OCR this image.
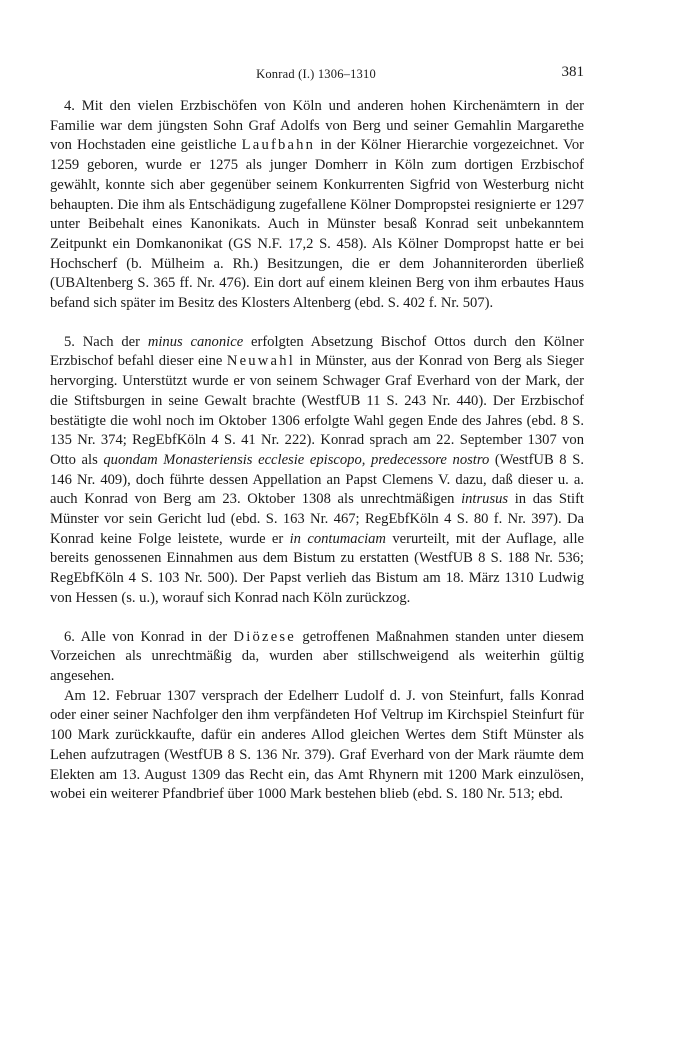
Konrad (I.) 1306–1310	381

4. Mit den vielen Erzbischöfen von Köln und anderen hohen Kirchenämtern in der Familie war dem jüngsten Sohn Graf Adolfs von Berg und seiner Gemahlin Margarethe von Hochstaden eine geistliche Laufbahn in der Kölner Hierarchie vorgezeichnet. Vor 1259 geboren, wurde er 1275 als junger Domherr in Köln zum dortigen Erzbischof gewählt, konnte sich aber gegenüber seinem Konkurrenten Sigfrid von Westerburg nicht behaupten. Die ihm als Entschädigung zugefallene Kölner Dompropstei resignierte er 1297 unter Beibehalt eines Kanonikats. Auch in Münster besaß Konrad seit unbekanntem Zeitpunkt ein Domkanonikat (GS N.F. 17,2 S. 458). Als Kölner Dompropst hatte er bei Hochscherf (b. Mülheim a. Rh.) Besitzungen, die er dem Johanniterorden überließ (UBAltenberg S. 365 ff. Nr. 476). Ein dort auf einem kleinen Berg von ihm erbautes Haus befand sich später im Besitz des Klosters Altenberg (ebd. S. 402 f. Nr. 507).

5. Nach der minus canonice erfolgten Absetzung Bischof Ottos durch den Kölner Erzbischof befahl dieser eine Neuwahl in Münster, aus der Konrad von Berg als Sieger hervorging. Unterstützt wurde er von seinem Schwager Graf Everhard von der Mark, der die Stiftsburgen in seine Gewalt brachte (WestfUB 11 S. 243 Nr. 440). Der Erzbischof bestätigte die wohl noch im Oktober 1306 erfolgte Wahl gegen Ende des Jahres (ebd. 8 S. 135 Nr. 374; RegEbfKöln 4 S. 41 Nr. 222). Konrad sprach am 22. September 1307 von Otto als quondam Monasteriensis ecclesie episcopo, predecessore nostro (WestfUB 8 S. 146 Nr. 409), doch führte dessen Appellation an Papst Clemens V. dazu, daß dieser u. a. auch Konrad von Berg am 23. Oktober 1308 als unrechtmäßigen intrusus in das Stift Münster vor sein Gericht lud (ebd. S. 163 Nr. 467; RegEbfKöln 4 S. 80 f. Nr. 397). Da Konrad keine Folge leistete, wurde er in contumaciam verurteilt, mit der Auflage, alle bereits genossenen Einnahmen aus dem Bistum zu erstatten (WestfUB 8 S. 188 Nr. 536; RegEbfKöln 4 S. 103 Nr. 500). Der Papst verlieh das Bistum am 18. März 1310 Ludwig von Hessen (s. u.), worauf sich Konrad nach Köln zurückzog.

6. Alle von Konrad in der Diözese getroffenen Maßnahmen standen unter diesem Vorzeichen als unrechtmäßig da, wurden aber stillschweigend als weiterhin gültig angesehen.

Am 12. Februar 1307 versprach der Edelherr Ludolf d. J. von Steinfurt, falls Konrad oder einer seiner Nachfolger den ihm verpfändeten Hof Veltrup im Kirchspiel Steinfurt für 100 Mark zurückkaufte, dafür ein anderes Allod gleichen Wertes dem Stift Münster als Lehen aufzutragen (WestfUB 8 S. 136 Nr. 379). Graf Everhard von der Mark räumte dem Elekten am 13. August 1309 das Recht ein, das Amt Rhynern mit 1200 Mark einzulösen, wobei ein weiterer Pfandbrief über 1000 Mark bestehen blieb (ebd. S. 180 Nr. 513; ebd.
